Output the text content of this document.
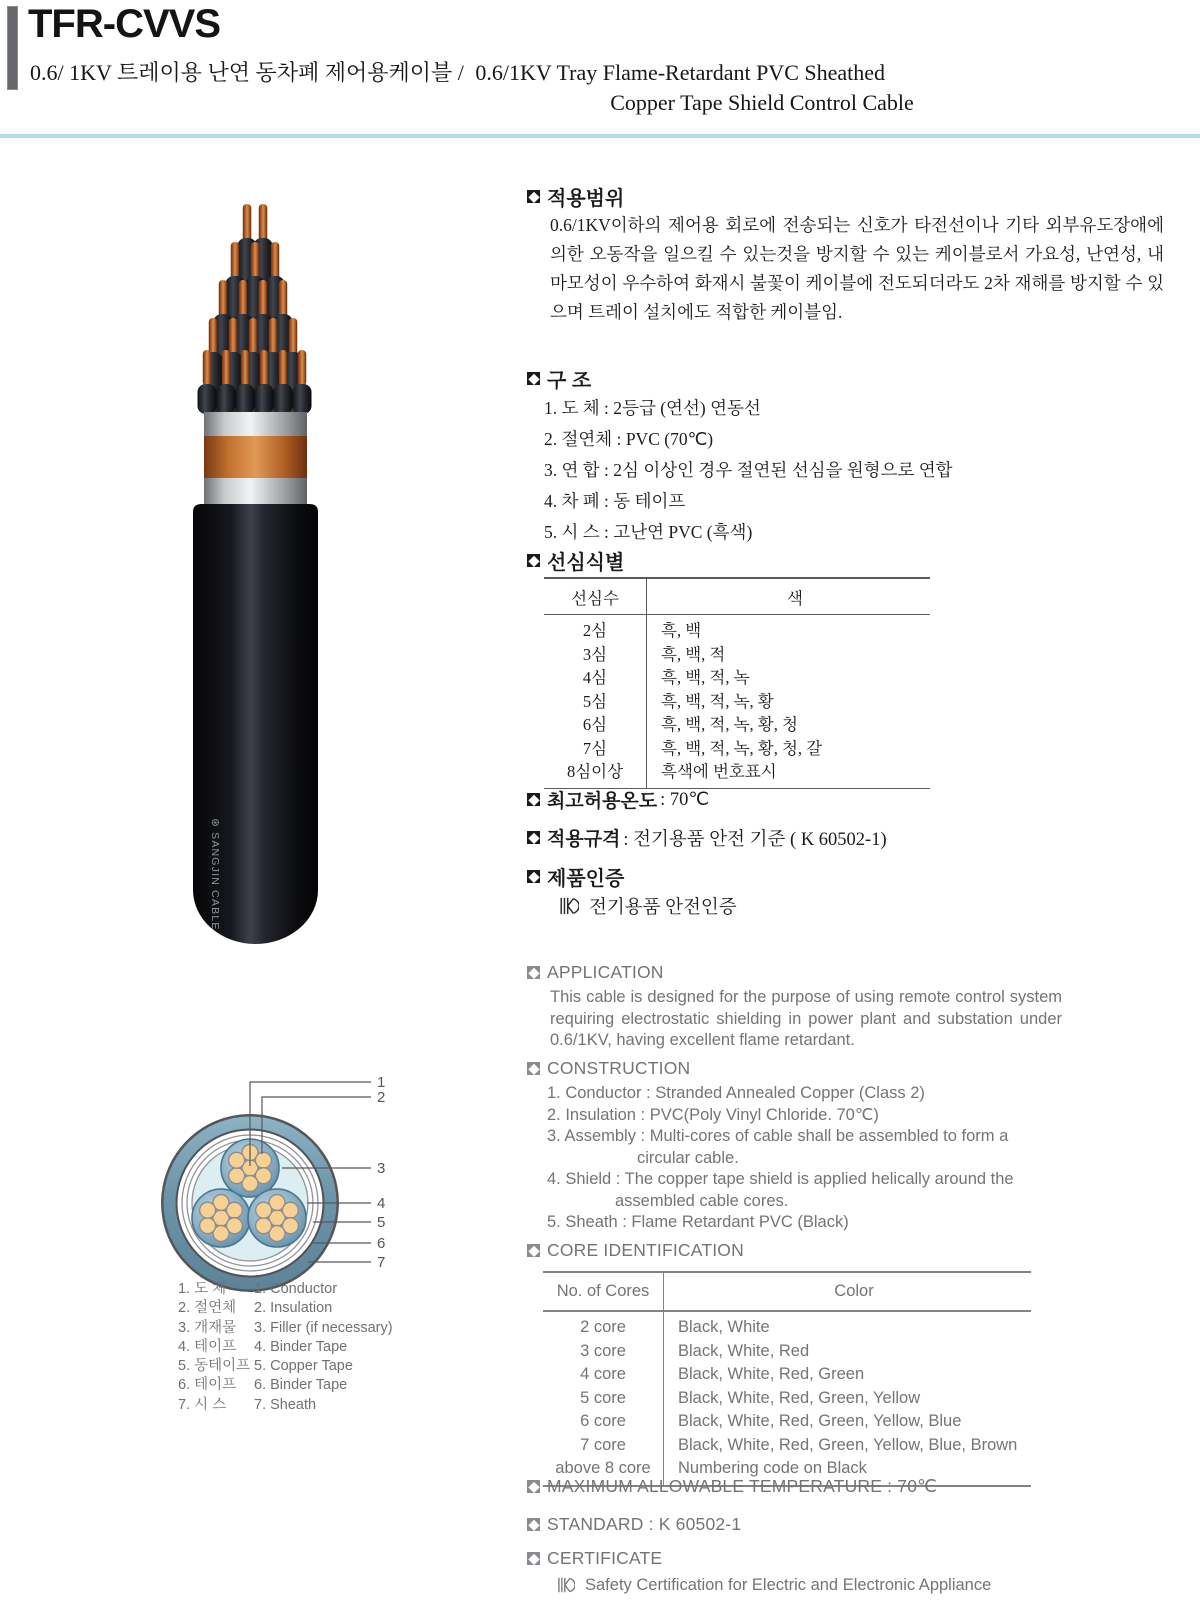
TFR-CVVS
0.6/ 1KV 트레이용 난연 동차폐 제어용케이블 / 0.6/1KV Tray Flame-Retardant PVC Sheathed
Copper Tape Shield Control Cable
⊛ SANGJIN CABLE
1
2
3
4
5
6
7
1. 도 체	1. Conductor
2. 절연체	2. Insulation
3. 개재물	3. Filler (if necessary)
4. 테이프	4. Binder Tape
5. 동테이프 5. Copper Tape
6. 테이프	6. Binder Tape
7. 시 스	7. Sheath
적용범위
0.6/1KV이하의 제어용 회로에 전송되는 신호가 타전선이나 기타 외부유도장애에 의한 오동작을 일으킬 수 있는것을 방지할 수 있는 케이블로서 가요성, 난연성, 내마모성이 우수하여 화재시 불꽃이 케이블에 전도되더라도 2차 재해를 방지할 수 있으며 트레이 설치에도 적합한 케이블임.
구 조
1. 도 체 : 2등급 (연선) 연동선
2. 절연체 : PVC (70℃)
3. 연 합 : 2심 이상인 경우 절연된 선심을 원형으로 연합
4. 차 폐 : 동 테이프
5. 시 스 : 고난연 PVC (흑색)
선심식별
선심수	색
2심	흑, 백
3심	흑, 백, 적
4심	흑, 백, 적, 녹
5심	흑, 백, 적, 녹, 황
6심	흑, 백, 적, 녹, 황, 청
7심	흑, 백, 적, 녹, 황, 청, 갈
8심이상	흑색에 번호표시
최고허용온도 : 70℃
적용규격 : 전기용품 안전 기준 ( K 60502-1)
제품인증
전기용품 안전인증
APPLICATION
This cable is designed for the purpose of using remote control system requiring electrostatic shielding in power plant and substation under 0.6/1KV, having excellent flame retardant.
CONSTRUCTION
1. Conductor : Stranded Annealed Copper (Class 2)
2. Insulation : PVC(Poly Vinyl Chloride. 70℃)
3. Assembly : Multi-cores of cable shall be assembled to form a
circular cable.
4. Shield : The copper tape shield is applied helically around the
assembled cable cores.
5. Sheath : Flame Retardant PVC (Black)
CORE IDENTIFICATION
No. of Cores	Color
2 core	Black, White
3 core	Black, White, Red
4 core	Black, White, Red, Green
5 core	Black, White, Red, Green, Yellow
6 core	Black, White, Red, Green, Yellow, Blue
7 core	Black, White, Red, Green, Yellow, Blue, Brown
above 8 core	Numbering code on Black
MAXIMUM ALLOWABLE TEMPERATURE : 70℃
STANDARD : K 60502-1
CERTIFICATE
Safety Certification for Electric and Electronic Appliance
